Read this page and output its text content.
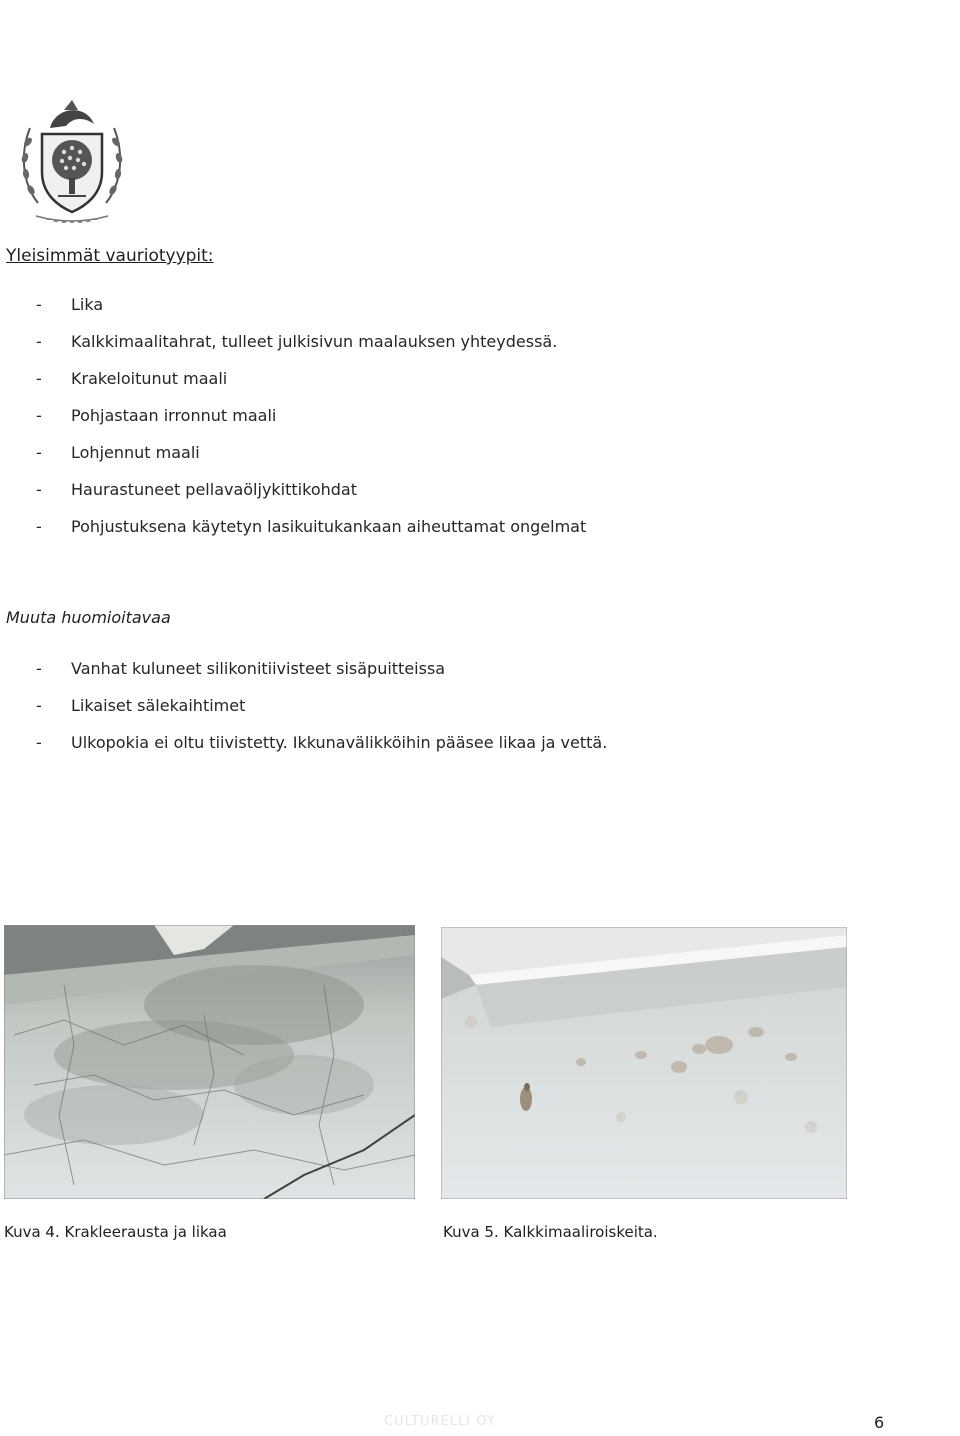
Yleisimmät vauriotyypit:
- Lika
- Kalkkimaalitahrat, tulleet julkisivun maalauksen yhteydessä.
- Krakeloitunut maali
- Pohjastaan irronnut maali
- Lohjennut maali
- Haurastuneet pellavaöljykittikohdat
- Pohjustuksena käytetyn lasikuitukankaan aiheuttamat ongelmat
Muuta huomioitavaa
- Vanhat kuluneet silikonitiivisteet sisäpuitteissa
- Likaiset sälekaihtimet
- Ulkopokia ei oltu tiivistetty. Ikkunavälikköihin pääsee likaa ja vettä.
Kuva 4. Krakleerausta ja likaa	Kuva 5. Kalkkimaaliroiskeita.
CULTURELLI OY	6
